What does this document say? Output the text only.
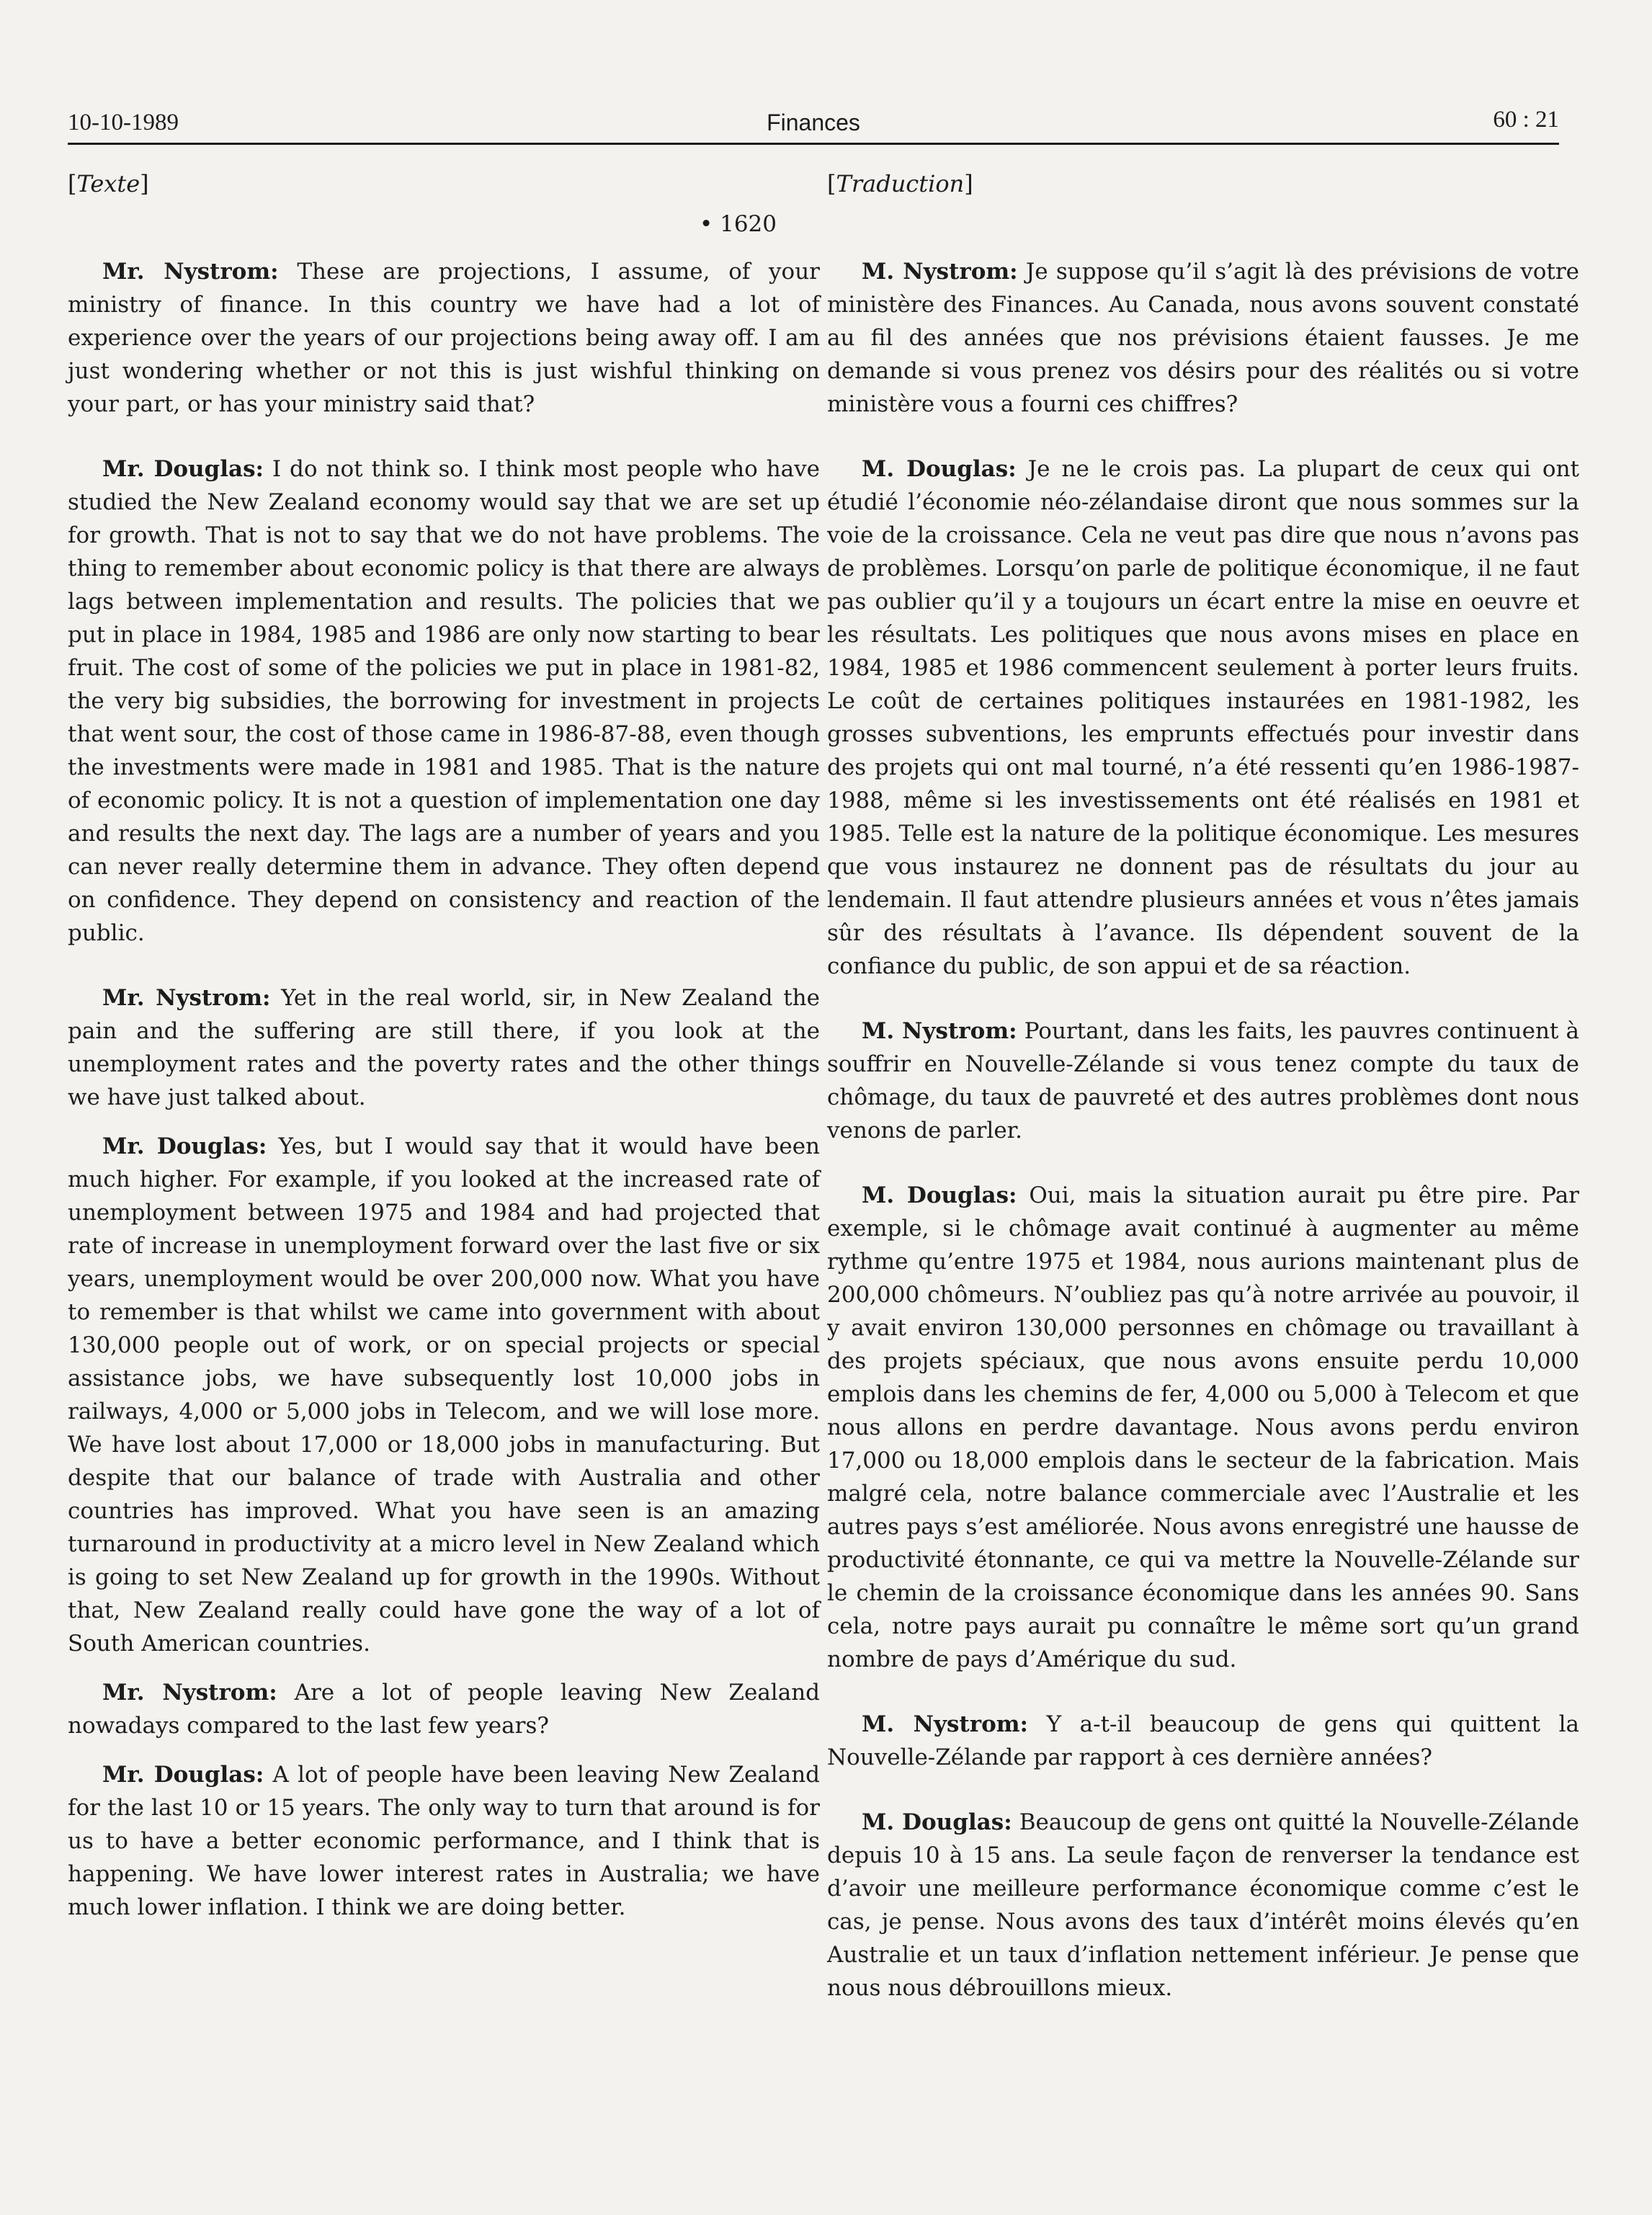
10-10-1989	Finances	60 : 21
[Texte]
• 1620

Mr. Nystrom: These are projections, I assume, of your ministry of finance. In this country we have had a lot of experience over the years of our projections being away off. I am just wondering whether or not this is just wishful thinking on your part, or has your ministry said that?

Mr. Douglas: I do not think so. I think most people who have studied the New Zealand economy would say that we are set up for growth. That is not to say that we do not have problems. The thing to remember about economic policy is that there are always lags between implementation and results. The policies that we put in place in 1984, 1985 and 1986 are only now starting to bear fruit. The cost of some of the policies we put in place in 1981-82, the very big subsidies, the borrowing for investment in projects that went sour, the cost of those came in 1986-87-88, even though the investments were made in 1981 and 1985. That is the nature of economic policy. It is not a question of implementation one day and results the next day. The lags are a number of years and you can never really determine them in advance. They often depend on confidence. They depend on consistency and reaction of the public.

Mr. Nystrom: Yet in the real world, sir, in New Zealand the pain and the suffering are still there, if you look at the unemployment rates and the poverty rates and the other things we have just talked about.

Mr. Douglas: Yes, but I would say that it would have been much higher. For example, if you looked at the increased rate of unemployment between 1975 and 1984 and had projected that rate of increase in unemployment forward over the last five or six years, unemployment would be over 200,000 now. What you have to remember is that whilst we came into government with about 130,000 people out of work, or on special projects or special assistance jobs, we have subsequently lost 10,000 jobs in railways, 4,000 or 5,000 jobs in Telecom, and we will lose more. We have lost about 17,000 or 18,000 jobs in manufacturing. But despite that our balance of trade with Australia and other countries has improved. What you have seen is an amazing turnaround in productivity at a micro level in New Zealand which is going to set New Zealand up for growth in the 1990s. Without that, New Zealand really could have gone the way of a lot of South American countries.

Mr. Nystrom: Are a lot of people leaving New Zealand nowadays compared to the last few years?

Mr. Douglas: A lot of people have been leaving New Zealand for the last 10 or 15 years. The only way to turn that around is for us to have a better economic performance, and I think that is happening. We have lower interest rates in Australia; we have much lower inflation. I think we are doing better.

[Traduction]

M. Nystrom: Je suppose qu’il s’agit là des prévisions de votre ministère des Finances. Au Canada, nous avons souvent constaté au fil des années que nos prévisions étaient fausses. Je me demande si vous prenez vos désirs pour des réalités ou si votre ministère vous a fourni ces chiffres?

M. Douglas: Je ne le crois pas. La plupart de ceux qui ont étudié l’économie néo-zélandaise diront que nous sommes sur la voie de la croissance. Cela ne veut pas dire que nous n’avons pas de problèmes. Lorsqu’on parle de politique économique, il ne faut pas oublier qu’il y a toujours un écart entre la mise en oeuvre et les résultats. Les politiques que nous avons mises en place en 1984, 1985 et 1986 commencent seulement à porter leurs fruits. Le coût de certaines politiques instaurées en 1981-1982, les grosses subventions, les emprunts effectués pour investir dans des projets qui ont mal tourné, n’a été ressenti qu’en 1986-1987-1988, même si les investissements ont été réalisés en 1981 et 1985. Telle est la nature de la politique économique. Les mesures que vous instaurez ne donnent pas de résultats du jour au lendemain. Il faut attendre plusieurs années et vous n’êtes jamais sûr des résultats à l’avance. Ils dépendent souvent de la confiance du public, de son appui et de sa réaction.

M. Nystrom: Pourtant, dans les faits, les pauvres continuent à souffrir en Nouvelle-Zélande si vous tenez compte du taux de chômage, du taux de pauvreté et des autres problèmes dont nous venons de parler.

M. Douglas: Oui, mais la situation aurait pu être pire. Par exemple, si le chômage avait continué à augmenter au même rythme qu’entre 1975 et 1984, nous aurions maintenant plus de 200,000 chômeurs. N’oubliez pas qu’à notre arrivée au pouvoir, il y avait environ 130,000 personnes en chômage ou travaillant à des projets spéciaux, que nous avons ensuite perdu 10,000 emplois dans les chemins de fer, 4,000 ou 5,000 à Telecom et que nous allons en perdre davantage. Nous avons perdu environ 17,000 ou 18,000 emplois dans le secteur de la fabrication. Mais malgré cela, notre balance commerciale avec l’Australie et les autres pays s’est améliorée. Nous avons enregistré une hausse de productivité étonnante, ce qui va mettre la Nouvelle-Zélande sur le chemin de la croissance économique dans les années 90. Sans cela, notre pays aurait pu connaître le même sort qu’un grand nombre de pays d’Amérique du sud.

M. Nystrom: Y a-t-il beaucoup de gens qui quittent la Nouvelle-Zélande par rapport à ces dernière années?

M. Douglas: Beaucoup de gens ont quitté la Nouvelle-Zélande depuis 10 à 15 ans. La seule façon de renverser la tendance est d’avoir une meilleure performance économique comme c’est le cas, je pense. Nous avons des taux d’intérêt moins élevés qu’en Australie et un taux d’inflation nettement inférieur. Je pense que nous nous débrouillons mieux.
